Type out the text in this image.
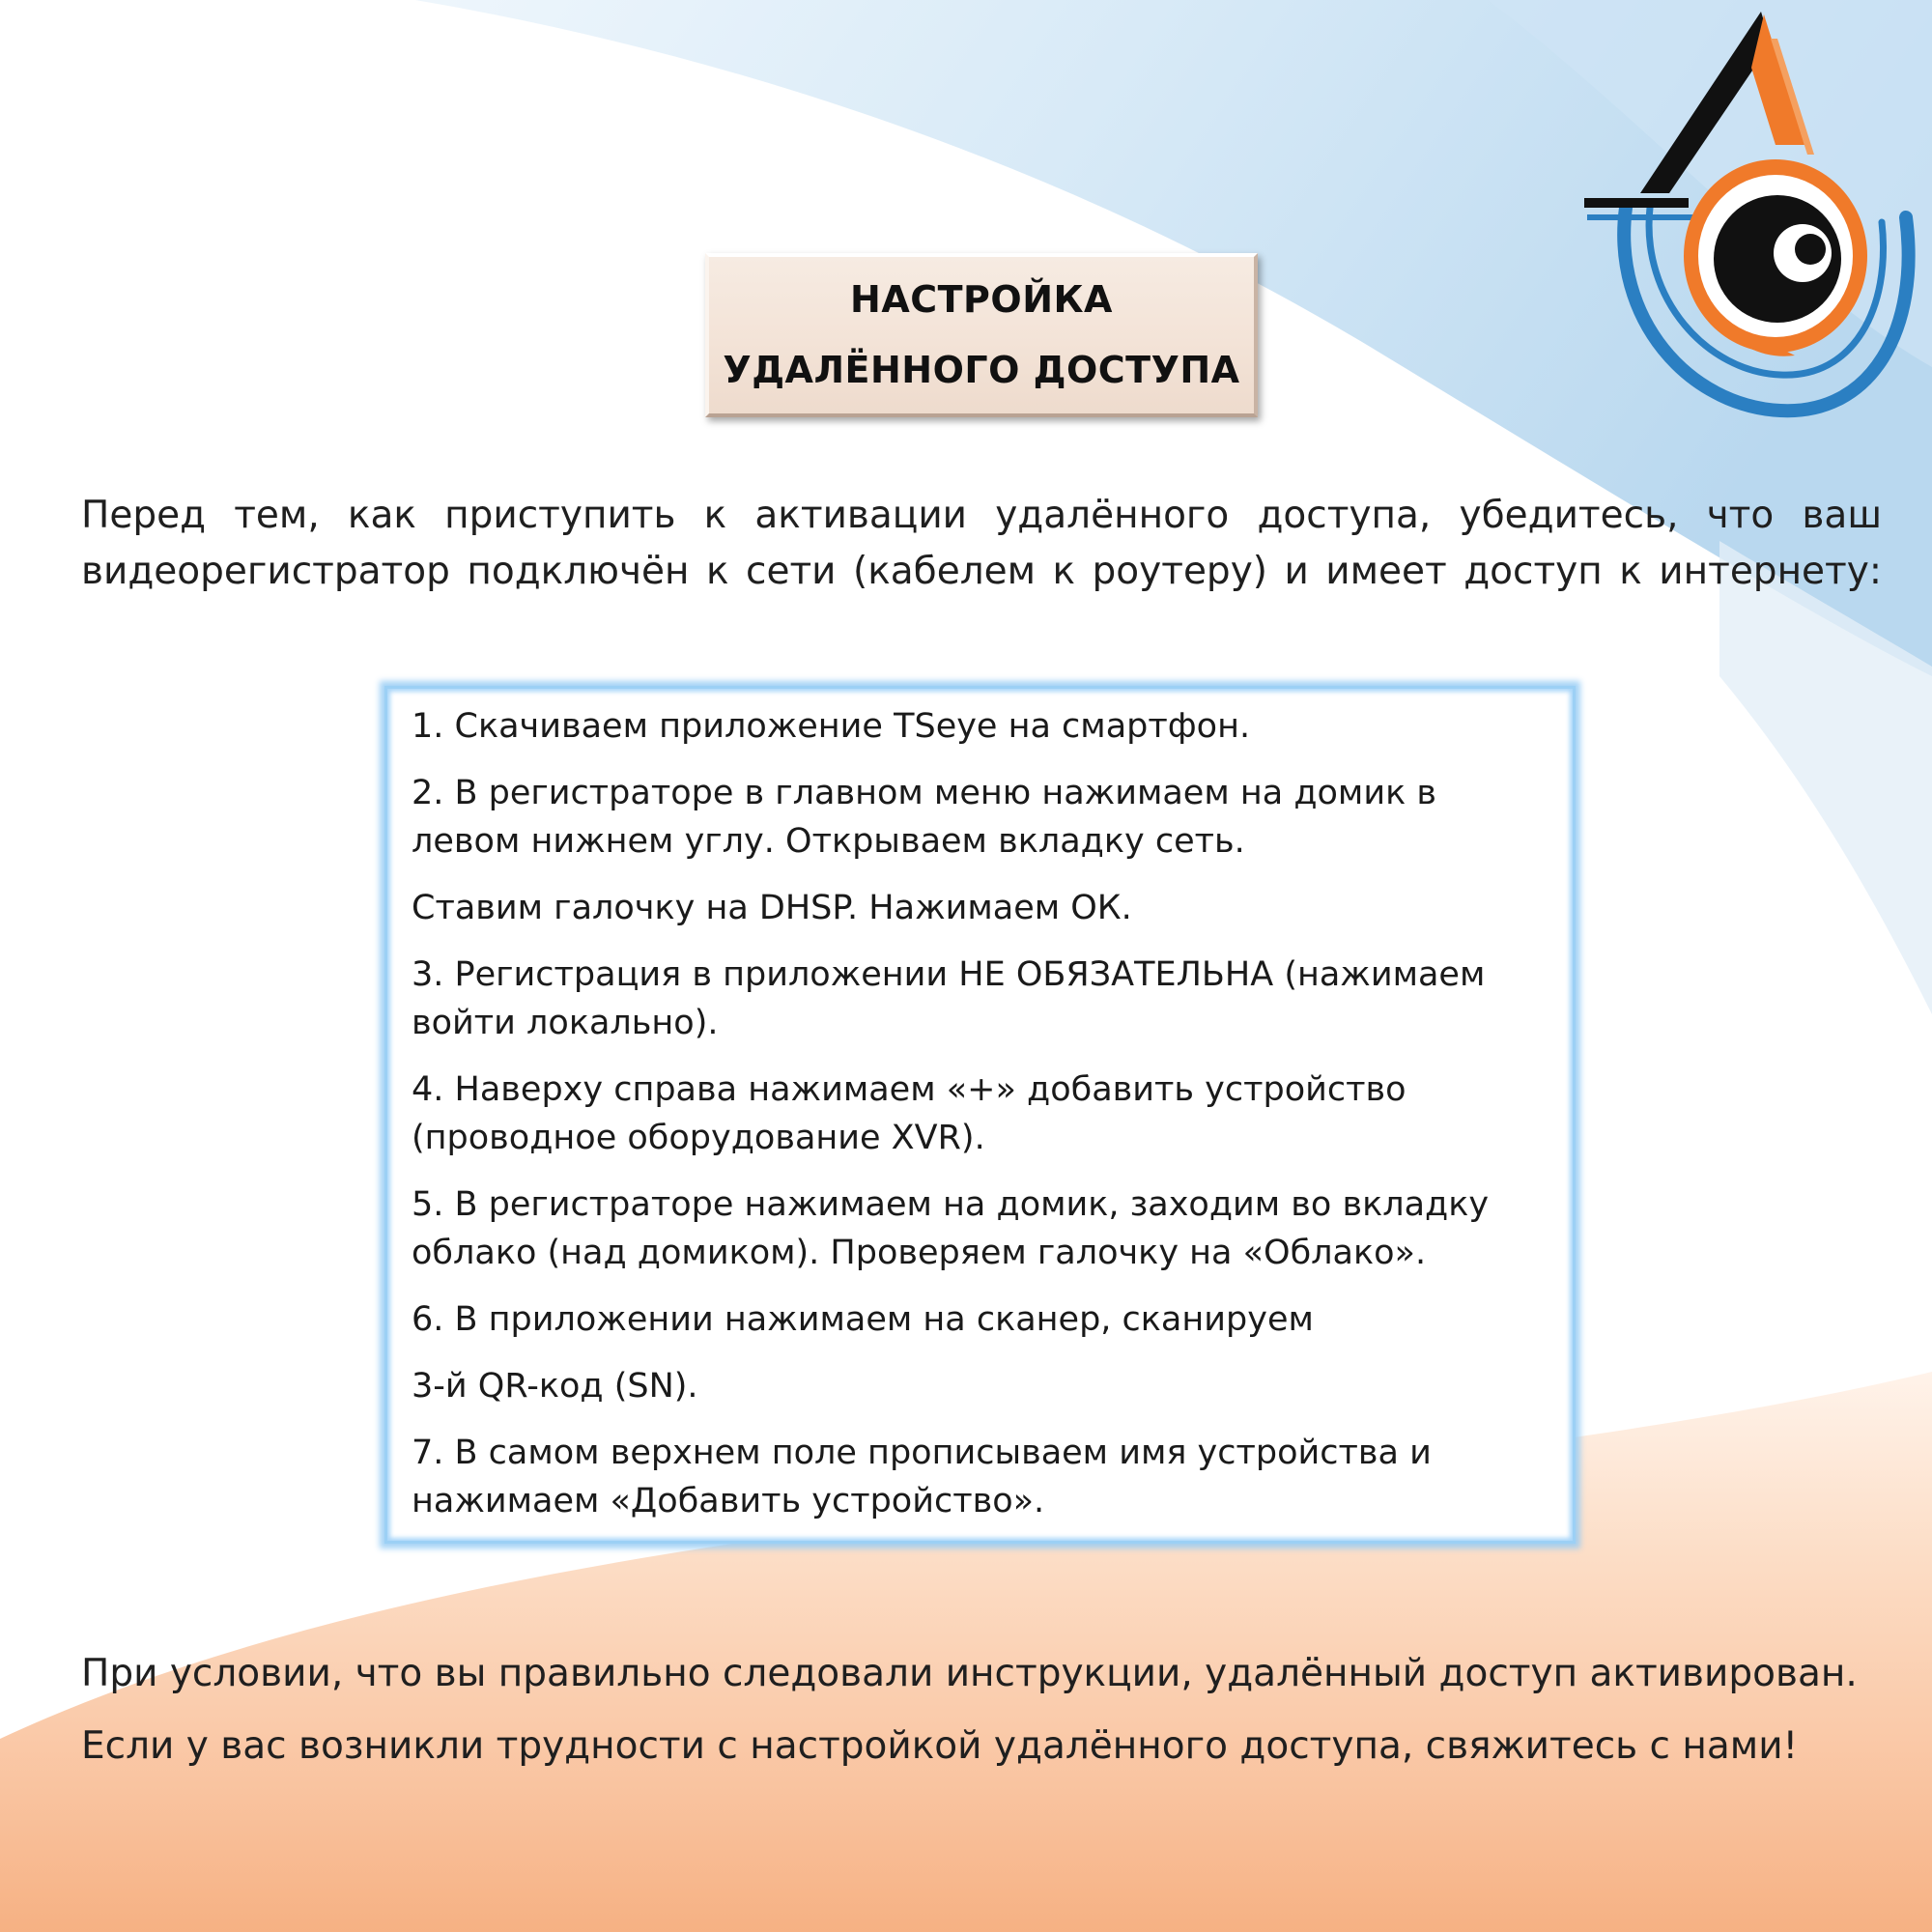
НАСТРОЙКА
УДАЛЁННОГО ДОСТУПА
Перед тем, как приступить к активации удалённого доступа, убедитесь, что ваш
видеорегистратор подключён к сети (кабелем к роутеру) и имеет доступ к интернету:

1. Скачиваем приложение TSeye на смартфон.

2. В регистраторе в главном меню нажимаем на домик в левом нижнем углу. Открываем вкладку сеть.

Ставим галочку на DHSP. Нажимаем ОК.

3. Регистрация в приложении НЕ ОБЯЗАТЕЛЬНА (нажимаем войти локально).

4. Наверху справа нажимаем «+» добавить устройство (проводное оборудование XVR).

5. В регистраторе нажимаем на домик, заходим во вкладку облако (над домиком). Проверяем галочку на «Облако».

6. В приложении нажимаем на сканер, сканируем

3-й QR-код (SN).

7. В самом верхнем поле прописываем имя устройства и нажимаем «Добавить устройство».

При условии, что вы правильно следовали инструкции, удалённый доступ активирован.
Если у вас возникли трудности с настройкой удалённого доступа, свяжитесь с нами!
